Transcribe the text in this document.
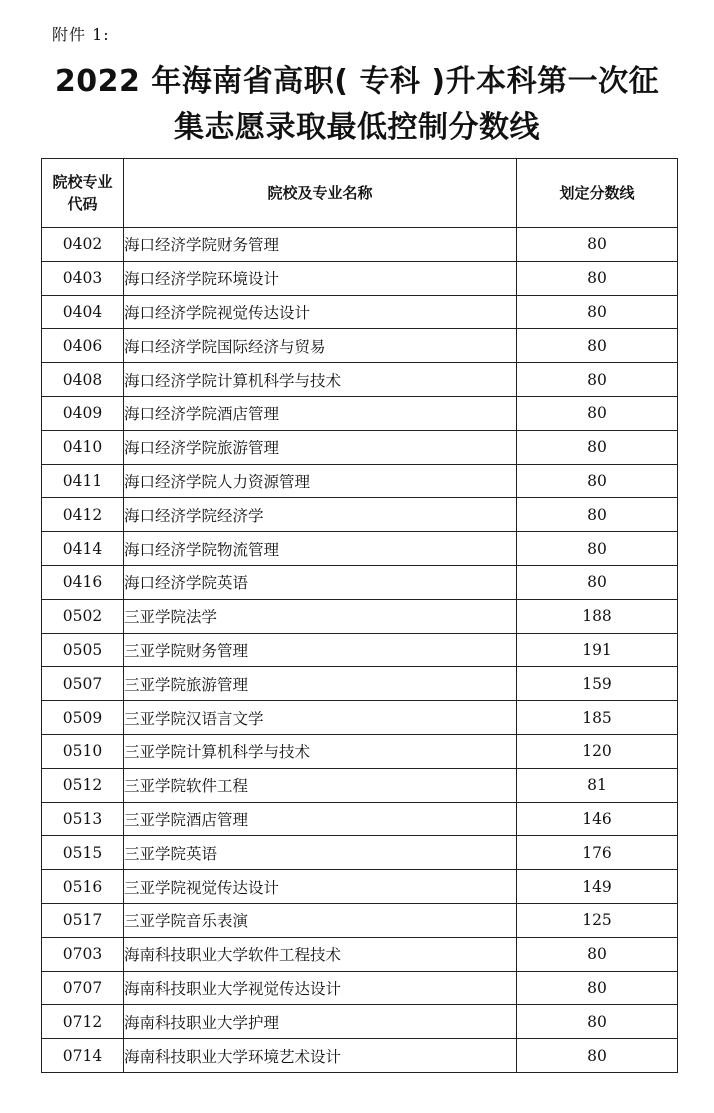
附件 1:
2022 年海南省高职( 专科 )升本科第一次征
集志愿录取最低控制分数线
院校专业
代码	院校及专业名称	划定分数线
0402	海口经济学院财务管理	80
0403	海口经济学院环境设计	80
0404	海口经济学院视觉传达设计	80
0406	海口经济学院国际经济与贸易	80
0408	海口经济学院计算机科学与技术	80
0409	海口经济学院酒店管理	80
0410	海口经济学院旅游管理	80
0411	海口经济学院人力资源管理	80
0412	海口经济学院经济学	80
0414	海口经济学院物流管理	80
0416	海口经济学院英语	80
0502	三亚学院法学	188
0505	三亚学院财务管理	191
0507	三亚学院旅游管理	159
0509	三亚学院汉语言文学	185
0510	三亚学院计算机科学与技术	120
0512	三亚学院软件工程	81
0513	三亚学院酒店管理	146
0515	三亚学院英语	176
0516	三亚学院视觉传达设计	149
0517	三亚学院音乐表演	125
0703	海南科技职业大学软件工程技术	80
0707	海南科技职业大学视觉传达设计	80
0712	海南科技职业大学护理	80
0714	海南科技职业大学环境艺术设计	80
